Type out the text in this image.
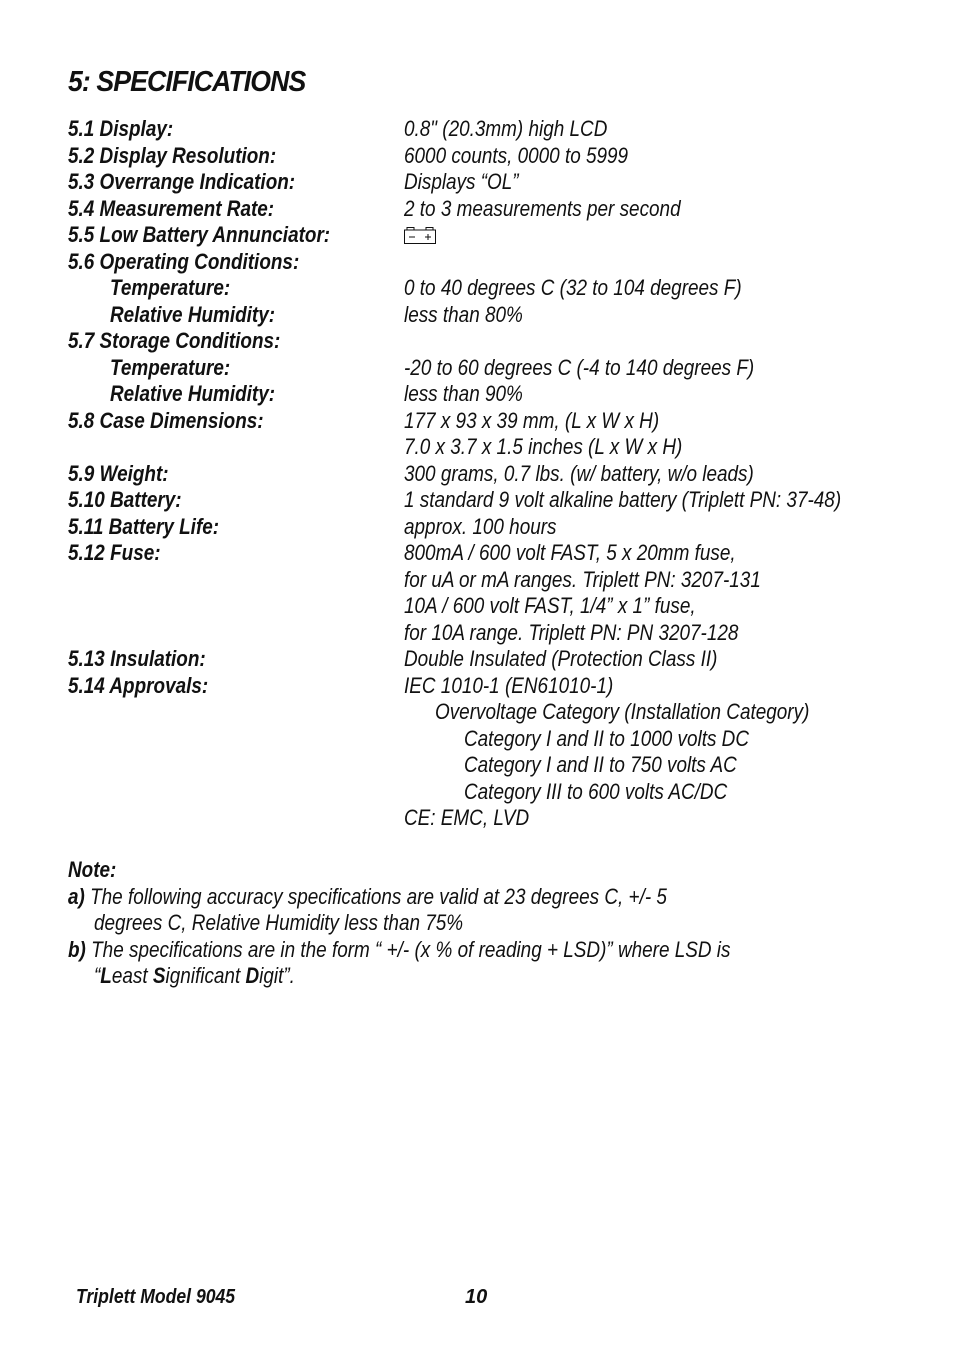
5: SPECIFICATIONS
5.1 Display:	0.8" (20.3mm) high LCD
5.2 Display Resolution:	6000 counts, 0000 to 5999
5.3 Overrange Indication:	Displays “OL”
5.4 Measurement Rate:	2 to 3 measurements per second
5.5 Low Battery Annunciator:
5.6 Operating Conditions:
Temperature:	0 to 40 degrees C (32 to 104 degrees F)
Relative Humidity:	less than 80%
5.7 Storage Conditions:
Temperature:	-20 to 60 degrees C (-4 to 140 degrees F)
Relative Humidity:	less than 90%
5.8 Case Dimensions:	177 x 93 x 39 mm, (L x W x H)
7.0 x 3.7 x 1.5 inches (L x W x H)
5.9 Weight:	300 grams, 0.7 lbs. (w/ battery, w/o leads)
5.10 Battery:	1 standard 9 volt alkaline battery (Triplett PN: 37-48)
5.11 Battery Life:	approx. 100 hours
5.12 Fuse:	800mA / 600 volt FAST, 5 x 20mm fuse,
for uA or mA ranges. Triplett PN: 3207-131
10A / 600 volt FAST, 1/4” x 1” fuse,
for 10A range. Triplett PN: PN 3207-128
5.13 Insulation:	Double Insulated (Protection Class II)
5.14 Approvals:	IEC 1010-1 (EN61010-1)
Overvoltage Category (Installation Category)
Category I and II to 1000 volts DC
Category I and II to 750 volts AC
Category III to 600 volts AC/DC
CE: EMC, LVD
Note:
a) The following accuracy specifications are valid at 23 degrees C, +/- 5
degrees C, Relative Humidity less than 75%
b) The specifications are in the form “ +/- (x % of reading + LSD)” where LSD is
“Least Significant Digit”.
Triplett Model 9045	10
